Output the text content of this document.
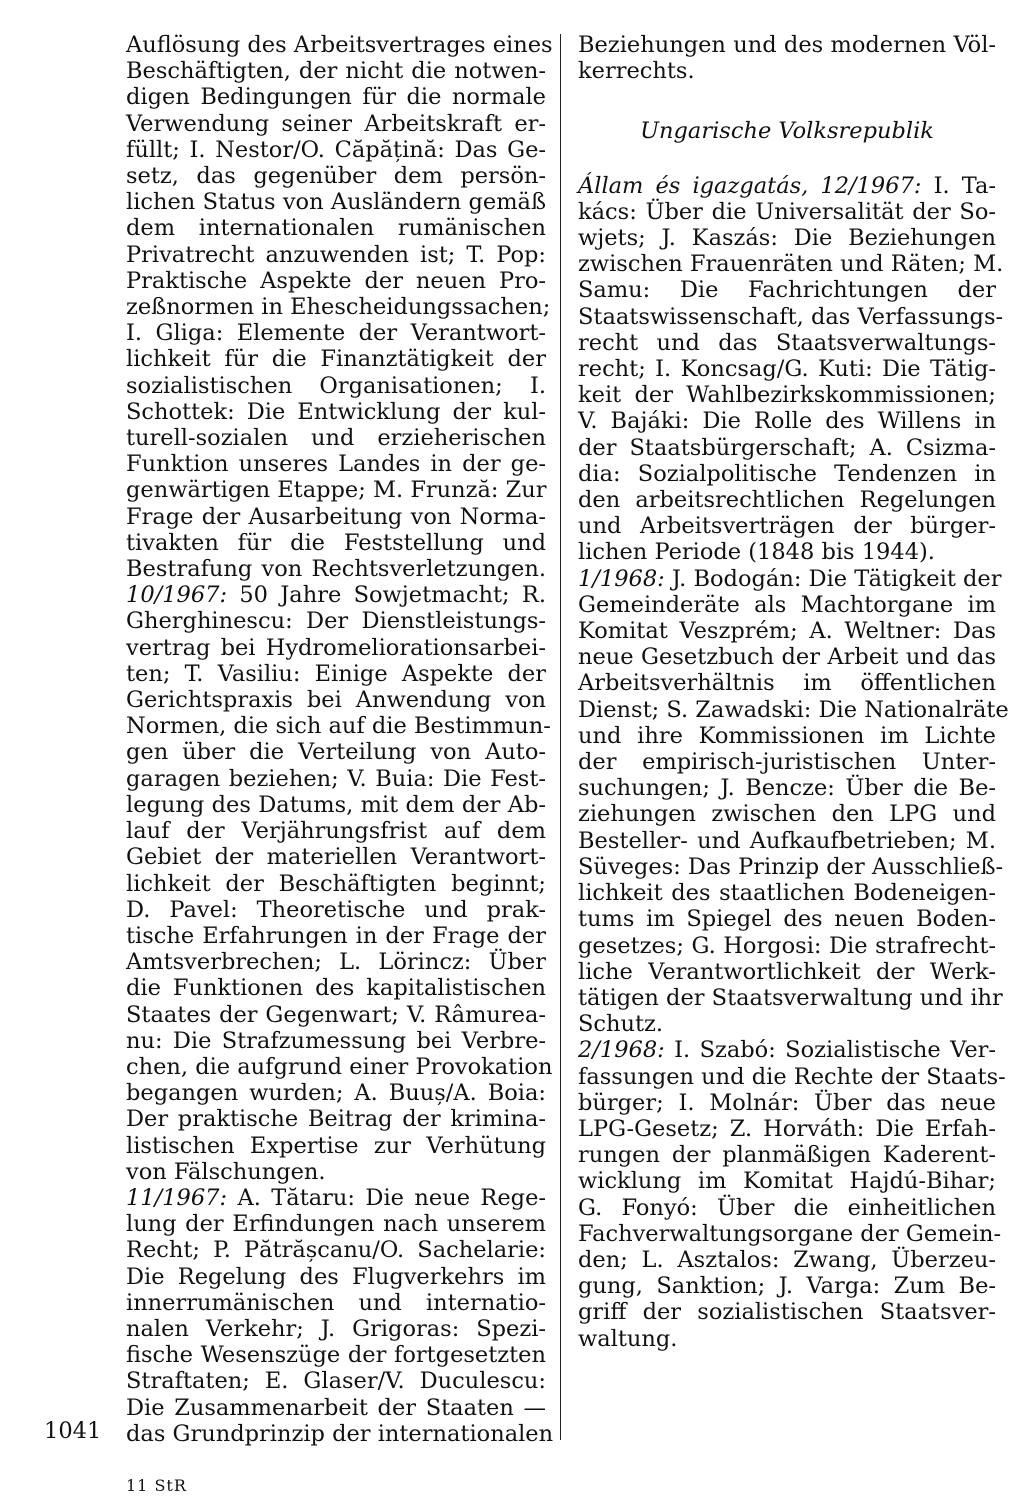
Auflösung des Arbeitsvertrages eines
Beschäftigten, der nicht die notwen-
digen Bedingungen für die normale
Verwendung seiner Arbeitskraft er-
füllt; I. Nestor/O. Căpățină: Das Ge-
setz, das gegenüber dem persön-
lichen Status von Ausländern gemäß
dem internationalen rumänischen
Privatrecht anzuwenden ist; T. Pop:
Praktische Aspekte der neuen Pro-
zeßnormen in Ehescheidungssachen;
I. Gliga: Elemente der Verantwort-
lichkeit für die Finanztätigkeit der
sozialistischen Organisationen; I.
Schottek: Die Entwicklung der kul-
turell-sozialen und erzieherischen
Funktion unseres Landes in der ge-
genwärtigen Etappe; M. Frunză: Zur
Frage der Ausarbeitung von Norma-
tivakten für die Feststellung und
Bestrafung von Rechtsverletzungen.
10/1967: 50 Jahre Sowjetmacht; R.
Gherghinescu: Der Dienstleistungs-
vertrag bei Hydromeliorationsarbei-
ten; T. Vasiliu: Einige Aspekte der
Gerichtspraxis bei Anwendung von
Normen, die sich auf die Bestimmun-
gen über die Verteilung von Auto-
garagen beziehen; V. Buia: Die Fest-
legung des Datums, mit dem der Ab-
lauf der Verjährungsfrist auf dem
Gebiet der materiellen Verantwort-
lichkeit der Beschäftigten beginnt;
D. Pavel: Theoretische und prak-
tische Erfahrungen in der Frage der
Amtsverbrechen; L. Lörincz: Über
die Funktionen des kapitalistischen
Staates der Gegenwart; V. Râmurea-
nu: Die Strafzumessung bei Verbre-
chen, die aufgrund einer Provokation
begangen wurden; A. Buuș/A. Boia:
Der praktische Beitrag der krimina-
listischen Expertise zur Verhütung
von Fälschungen.
11/1967: A. Tătaru: Die neue Rege-
lung der Erfindungen nach unserem
Recht; P. Pătrășcanu/O. Sachelarie:
Die Regelung des Flugverkehrs im
innerrumänischen und internatio-
nalen Verkehr; J. Grigoras: Spezi-
fische Wesenszüge der fortgesetzten
Straftaten; E. Glaser/V. Duculescu:
Die Zusammenarbeit der Staaten —
das Grundprinzip der internationalen
Beziehungen und des modernen Völ-
kerrechts.
Ungarische Volksrepublik
Állam és igazgatás, 12/1967: I. Ta-
kács: Über die Universalität der So-
wjets; J. Kaszás: Die Beziehungen
zwischen Frauenräten und Räten; M.
Samu: Die Fachrichtungen der
Staatswissenschaft, das Verfassungs-
recht und das Staatsverwaltungs-
recht; I. Koncsag/G. Kuti: Die Tätig-
keit der Wahlbezirkskommissionen;
V. Bajáki: Die Rolle des Willens in
der Staatsbürgerschaft; A. Csizma-
dia: Sozialpolitische Tendenzen in
den arbeitsrechtlichen Regelungen
und Arbeitsverträgen der bürger-
lichen Periode (1848 bis 1944).
1/1968: J. Bodogán: Die Tätigkeit der
Gemeinderäte als Machtorgane im
Komitat Veszprém; A. Weltner: Das
neue Gesetzbuch der Arbeit und das
Arbeitsverhältnis im öffentlichen
Dienst; S. Zawadski: Die Nationalräte
und ihre Kommissionen im Lichte
der empirisch-juristischen Unter-
suchungen; J. Bencze: Über die Be-
ziehungen zwischen den LPG und
Besteller- und Aufkaufbetrieben; M.
Süveges: Das Prinzip der Ausschließ-
lichkeit des staatlichen Bodeneigen-
tums im Spiegel des neuen Boden-
gesetzes; G. Horgosi: Die strafrecht-
liche Verantwortlichkeit der Werk-
tätigen der Staatsverwaltung und ihr
Schutz.
2/1968: I. Szabó: Sozialistische Ver-
fassungen und die Rechte der Staats-
bürger; I. Molnár: Über das neue
LPG-Gesetz; Z. Horváth: Die Erfah-
rungen der planmäßigen Kaderent-
wicklung im Komitat Hajdú-Bihar;
G. Fonyó: Über die einheitlichen
Fachverwaltungsorgane der Gemein-
den; L. Asztalos: Zwang, Überzeu-
gung, Sanktion; J. Varga: Zum Be-
griff der sozialistischen Staatsver-
waltung.
1041
11 StR
